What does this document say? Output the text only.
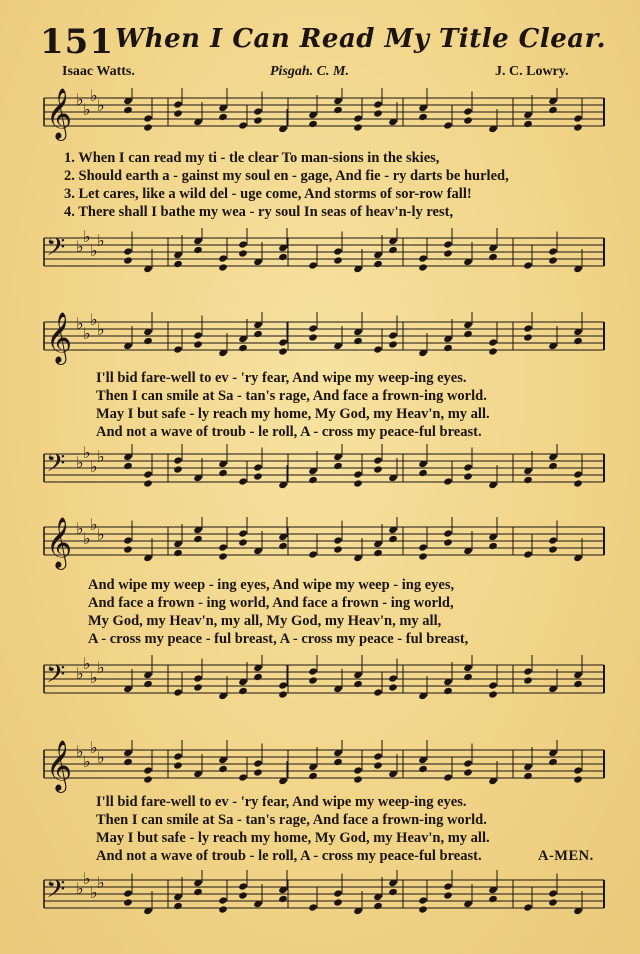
151 When I Can Read My Title Clear.
Isaac Watts.	Pisgah. C. M.	J. C. Lowry.
𝄞 ♭
♭
♭
♭
1. When I can read my ti - tle clear To man-sions in the skies,
2. Should earth a - gainst my soul en - gage, And fie - ry darts be hurled,
3. Let cares, like a wild del - uge come, And storms of sor-row fall!
4. There shall I bathe my wea - ry soul In seas of heav'n-ly rest,
𝄢 ♭
♭
♭
♭
𝄞 ♭
♭
♭
♭
I'll bid fare-well to ev - 'ry fear, And wipe my weep-ing eyes.
Then I can smile at Sa - tan's rage, And face a frown-ing world.
May I but safe - ly reach my home, My God, my Heav'n, my all.
And not a wave of troub - le roll, A - cross my peace-ful breast.
𝄢 ♭
♭
♭
♭
𝄞 ♭
♭
♭
♭
And wipe my weep - ing eyes, And wipe my weep - ing eyes,
And face a frown - ing world, And face a frown - ing world,
My God, my Heav'n, my all, My God, my Heav'n, my all,
A - cross my peace - ful breast, A - cross my peace - ful breast,
𝄢 ♭
♭
♭
♭
𝄞 ♭
♭
♭
♭
I'll bid fare-well to ev - 'ry fear, And wipe my weep-ing eyes.
Then I can smile at Sa - tan's rage, And face a frown-ing world.
May I but safe - ly reach my home, My God, my Heav'n, my all.
And not a wave of troub - le roll, A - cross my peace-ful breast.	A-MEN.
𝄢 ♭
♭
♭
♭
